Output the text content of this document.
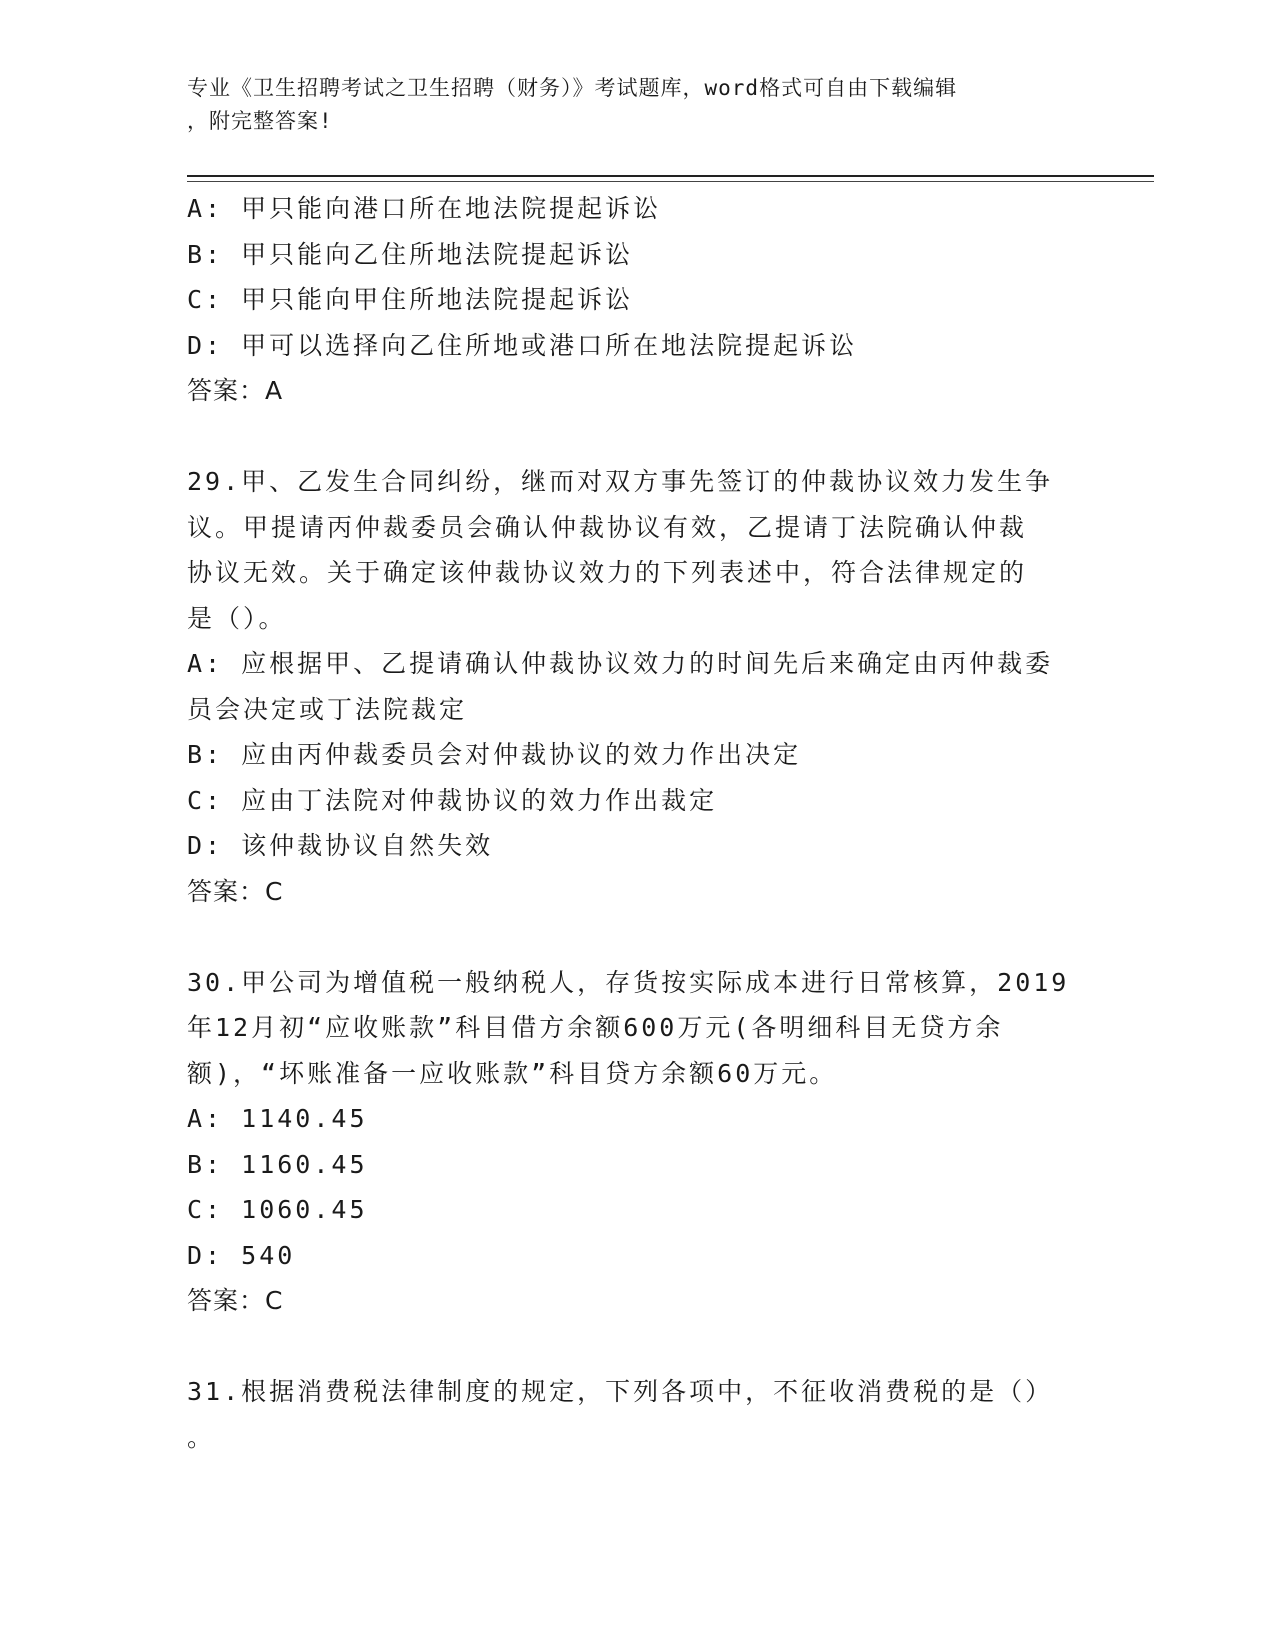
专业《卫生招聘考试之卫生招聘（财务）》考试题库，word格式可自由下载编辑
，附完整答案!

A: 甲只能向港口所在地法院提起诉讼

B: 甲只能向乙住所地法院提起诉讼

C: 甲只能向甲住所地法院提起诉讼

D: 甲可以选择向乙住所地或港口所在地法院提起诉讼

答案：A

29.甲、乙发生合同纠纷，继而对双方事先签订的仲裁协议效力发生争

议。甲提请丙仲裁委员会确认仲裁协议有效，乙提请丁法院确认仲裁

协议无效。关于确定该仲裁协议效力的下列表述中，符合法律规定的

是（）。

A: 应根据甲、乙提请确认仲裁协议效力的时间先后来确定由丙仲裁委

员会决定或丁法院裁定

B: 应由丙仲裁委员会对仲裁协议的效力作出决定

C: 应由丁法院对仲裁协议的效力作出裁定

D: 该仲裁协议自然失效

答案：C

30.甲公司为增值税一般纳税人，存货按实际成本进行日常核算，2019

年12月初“应收账款”科目借方余额600万元(各明细科目无贷方余

额)，“坏账准备一应收账款”科目贷方余额60万元。

A: 1140.45

B: 1160.45

C: 1060.45

D: 540

答案：C

31.根据消费税法律制度的规定，下列各项中，不征收消费税的是（）

。
